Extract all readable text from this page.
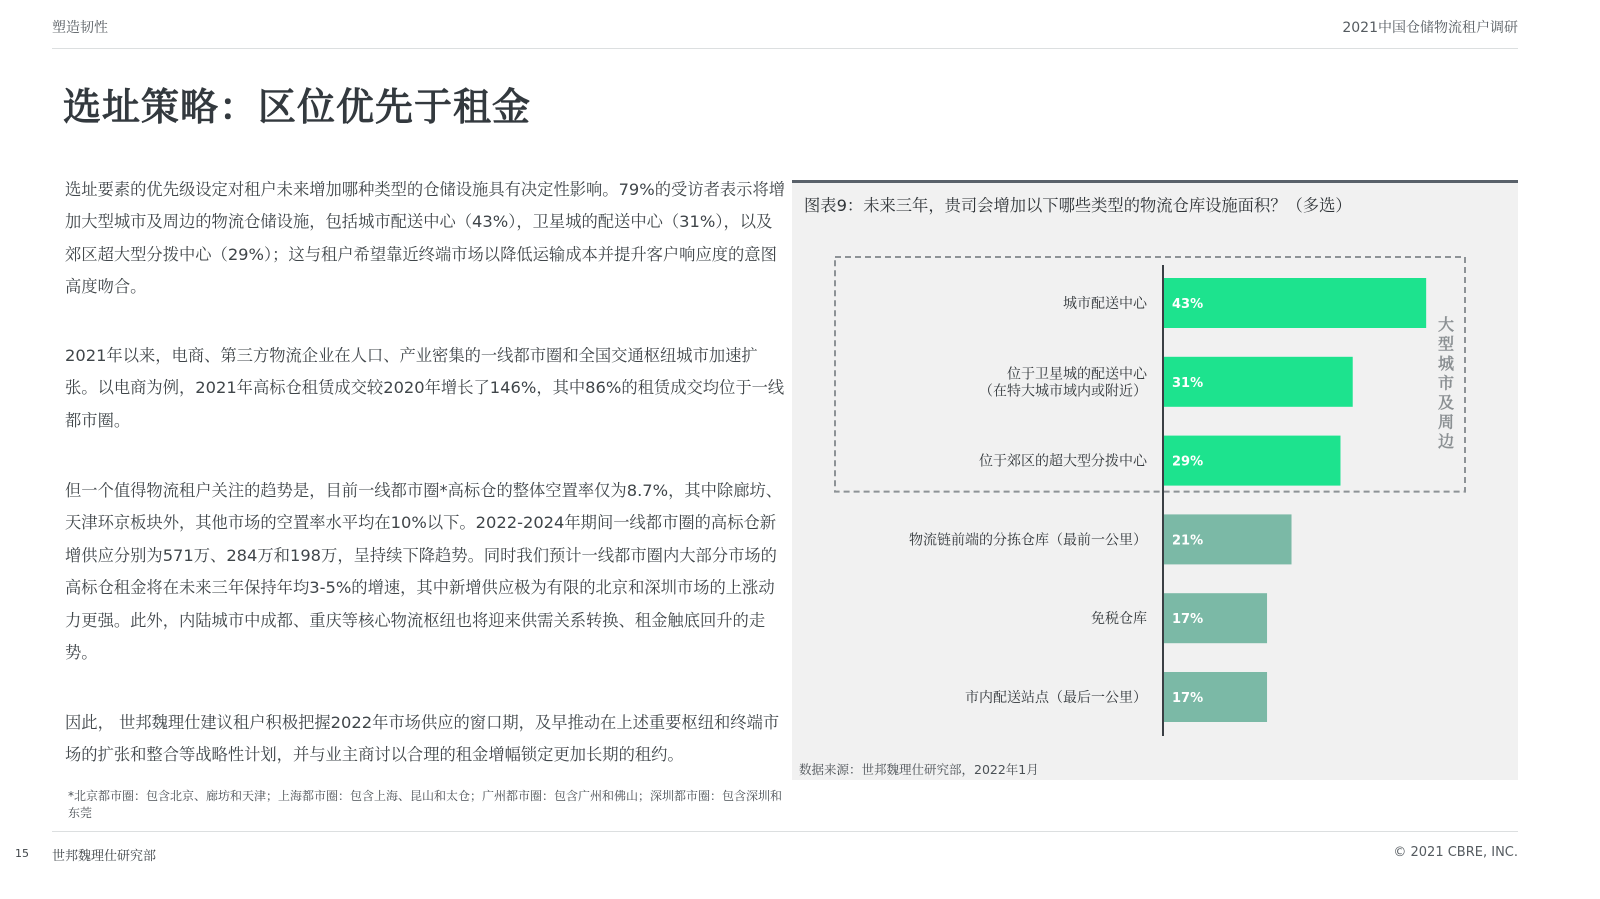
塑造韧性	2021中国仓储物流租户调研
选址策略：区位优先于租金

选址要素的优先级设定对租户未来增加哪种类型的仓储设施具有决定性影响。79%的受访者表示将增加大型城市及周边的物流仓储设施，包括城市配送中心（43%），卫星城的配送中心（31%），以及郊区超大型分拨中心（29%）；这与租户希望靠近终端市场以降低运输成本并提升客户响应度的意图高度吻合。

2021年以来，电商、第三方物流企业在人口、产业密集的一线都市圈和全国交通枢纽城市加速扩张。以电商为例，2021年高标仓租赁成交较2020年增长了146%，其中86%的租赁成交均位于一线都市圈。

但一个值得物流租户关注的趋势是，目前一线都市圈*高标仓的整体空置率仅为8.7%，其中除廊坊、天津环京板块外，其他市场的空置率水平均在10%以下。2022-2024年期间一线都市圈的高标仓新增供应分别为571万、284万和198万，呈持续下降趋势。同时我们预计一线都市圈内大部分市场的高标仓租金将在未来三年保持年均3-5%的增速，其中新增供应极为有限的北京和深圳市场的上涨动力更强。此外，内陆城市中成都、重庆等核心物流枢纽也将迎来供需关系转换、租金触底回升的走势。

因此， 世邦魏理仕建议租户积极把握2022年市场供应的窗口期，及早推动在上述重要枢纽和终端市场的扩张和整合等战略性计划，并与业主商讨以合理的租金增幅锁定更加长期的租约。

*北京都市圈：包含北京、廊坊和天津；上海都市圈：包含上海、昆山和太仓；广州都市圈：包含广州和佛山；深圳都市圈：包含深圳和东莞

图表9：未来三年，贵司会增加以下哪些类型的物流仓库设施面积？（多选）
43%
城市配送中心
31%
位于卫星城的配送中心
（在特大城市域内或附近）
29%
位于郊区的超大型分拨中心
21%
物流链前端的分拣仓库（最前一公里）
17%
免税仓库
17%
市内配送站点（最后一公里）
大
型
城
市
及
周
边
数据来源：世邦魏理仕研究部，2022年1月
15 世邦魏理仕研究部	© 2021 CBRE, INC.
